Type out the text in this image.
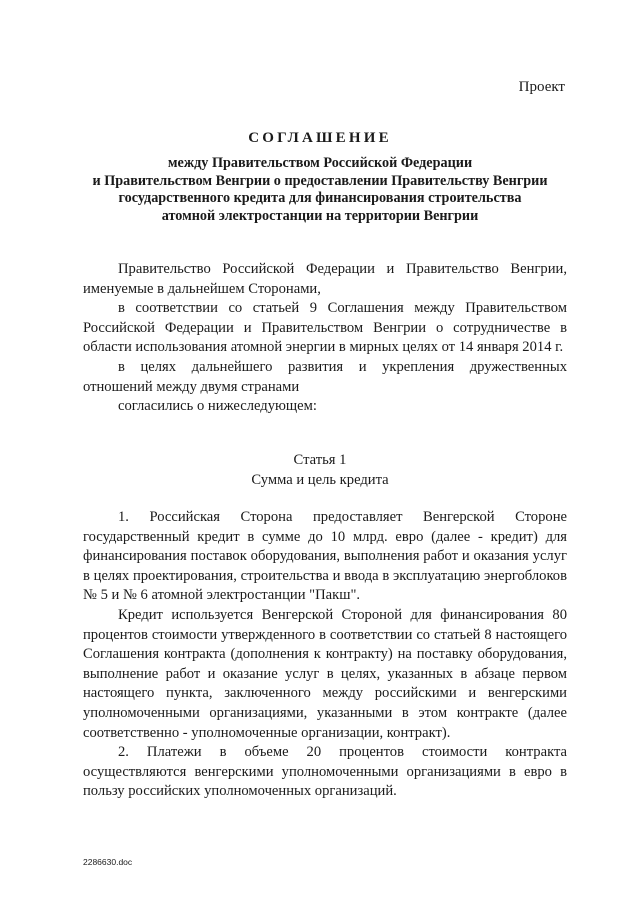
Проект
СОГЛАШЕНИЕ
между Правительством Российской Федерации
и Правительством Венгрии о предоставлении Правительству Венгрии
государственного кредита для финансирования строительства
атомной электростанции на территории Венгрии

Правительство Российской Федерации и Правительство Венгрии, именуемые в дальнейшем Сторонами,

в соответствии со статьей 9 Соглашения между Правительством Российской Федерации и Правительством Венгрии о сотрудничестве в области использования атомной энергии в мирных целях от 14 января 2014 г.

в целях дальнейшего развития и укрепления дружественных отношений между двумя странами

согласились о нижеследующем:

Статья 1
Сумма и цель кредита

1. Российская Сторона предоставляет Венгерской Стороне государственный кредит в сумме до 10 млрд. евро (далее - кредит) для финансирования поставок оборудования, выполнения работ и оказания услуг в целях проектирования, строительства и ввода в эксплуатацию энергоблоков № 5 и № 6 атомной электростанции "Пакш".

Кредит используется Венгерской Стороной для финансирования 80 процентов стоимости утвержденного в соответствии со статьей 8 настоящего Соглашения контракта (дополнения к контракту) на поставку оборудования, выполнение работ и оказание услуг в целях, указанных в абзаце первом настоящего пункта, заключенного между российскими и венгерскими уполномоченными организациями, указанными в этом контракте (далее соответственно - уполномоченные организации, контракт).

2. Платежи в объеме 20 процентов стоимости контракта осуществляются венгерскими уполномоченными организациями в евро в пользу российских уполномоченных организаций.

2286630.doc
